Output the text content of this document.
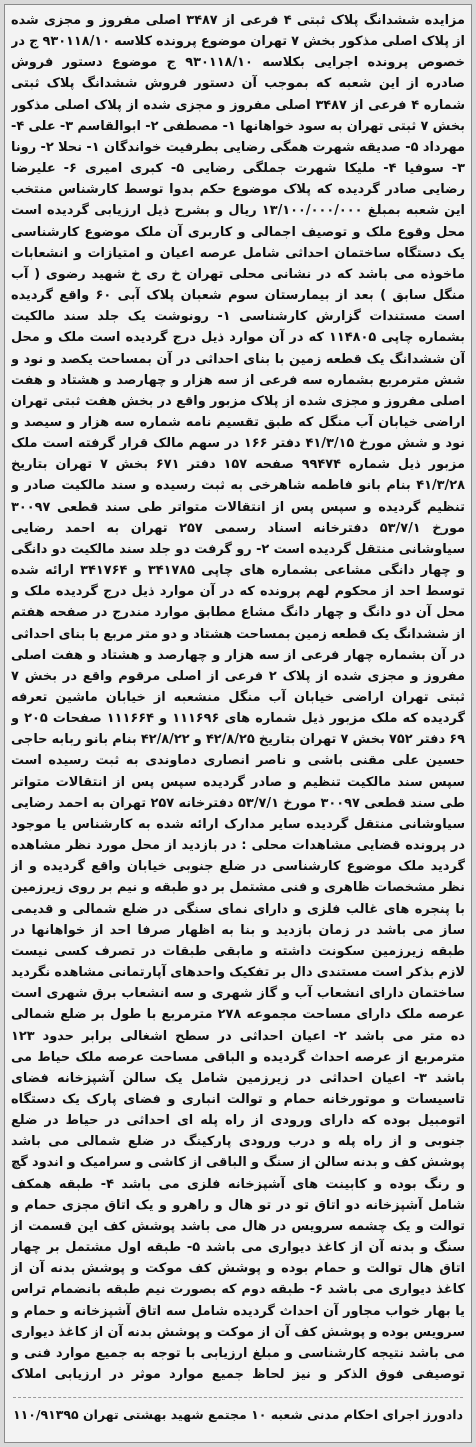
مزایده ششدانگ پلاک ثبتی ۴ فرعی از ۳۴۸۷ اصلی مفروز و مجزی شده از پلاک اصلی مذکور بخش ۷ تهران موضوع پرونده کلاسه ۹۳۰۱۱۸/۱۰ ج در خصوص پرونده اجرایی بکلاسه ۹۳۰۱۱۸/۱۰ ج موضوع دستور فروش صادره از این شعبه که بموجب آن دستور فروش ششدانگ پلاک ثبتی شماره ۴ فرعی از ۳۴۸۷ اصلی مفروز و مجزی شده از پلاک اصلی مذکور بخش ۷ ثبتی تهران به سود خواهانها ۱- مصطفی ۲- ابوالقاسم ۳- علی ۴- مهرداد ۵- صدیقه شهرت همگی رضایی بطرفیت خواندگان ۱- نحلا ۲- رونا ۳- سوفیا ۴- ملیکا شهرت جملگی رضایی ۵- کبری امیری ۶- علیرضا رضایی صادر گردیده که پلاک موضوع حکم بدوا توسط کارشناس منتخب این شعبه بمبلغ ۱۳/۱۰۰/۰۰۰/۰۰۰ ریال و بشرح ذیل ارزیابی گردیده است محل وقوع ملک و توصیف اجمالی و کاربری آن ملک موضوع کارشناسی یک دستگاه ساختمان احداثی شامل عرصه اعیان و امتیازات و انشعابات ماخوذه می باشد که در نشانی محلی تهران خ ری خ شهید رضوی ( آب منگل سابق ) بعد از بیمارستان سوم شعبان پلاک آبی ۶۰ واقع گردیده است مستندات گزارش کارشناسی ۱- رونوشت یک جلد سند مالکیت بشماره چاپی ۱۱۴۸۰۵ که در آن موارد ذیل درج گردیده است ملک و محل آن ششدانگ یک قطعه زمین با بنای احداثی در آن بمساحت یکصد و نود و شش مترمربع بشماره سه فرعی از سه هزار و چهارصد و هشتاد و هفت اصلی مفروز و مجزی شده از پلاک مزبور واقع در بخش هفت ثبتی تهران اراضی خیابان آب منگل که طبق تقسیم نامه شماره سه هزار و سیصد و نود و شش مورخ ۴۱/۳/۱۵ دفتر ۱۶۶ در سهم مالک قرار گرفته است ملک مزبور ذیل شماره ۹۹۴۷۴ صفحه ۱۵۷ دفتر ۶۷۱ بخش ۷ تهران بتاریخ ۴۱/۳/۲۸ بنام بانو فاطمه شاهرخی به ثبت رسیده و سند مالکیت صادر و تنظیم گردیده و سپس پس از انتقالات متواتر طی سند قطعی ۳۰۰۹۷ مورخ ۵۳/۷/۱ دفترخانه اسناد رسمی ۲۵۷ تهران به احمد رضایی سیاوشانی منتقل گردیده است ۲- رو گرفت دو جلد سند مالکیت دو دانگی و چهار دانگی مشاعی بشماره های چاپی ۳۴۱۷۸۵ و ۳۴۱۷۶۴ ارائه شده توسط احد از محکوم لهم پرونده که در آن موارد ذیل درج گردیده ملک و محل آن دو دانگ و چهار دانگ مشاع مطابق موارد مندرج در صفحه هفتم از ششدانگ یک قطعه زمین بمساحت هشتاد و دو متر مربع با بنای احداثی در آن بشماره چهار فرعی از سه هزار و چهارصد و هشتاد و هفت اصلی مفروز و مجزی شده از پلاک ۲ فرعی از اصلی مرقوم واقع در بخش ۷ ثبتی تهران اراضی خیابان آب منگل منشعبه از خیابان ماشین تعرفه گردیده که ملک مزبور ذیل شماره های ۱۱۱۶۹۶ و ۱۱۱۶۶۴ صفحات ۲۰۵ و ۶۹ دفتر ۷۵۲ بخش ۷ تهران بتاریخ ۴۲/۸/۲۵ و ۴۲/۸/۲۲ بنام بانو ربابه حاجی حسین علی مقنی باشی و ناصر انصاری دماوندی به ثبت رسیده است سپس سند مالکیت تنظیم و صادر گردیده سپس پس از انتقالات متواتر طی سند قطعی ۳۰۰۹۷ مورخ ۵۳/۷/۱ دفترخانه ۲۵۷ تهران به احمد رضایی سیاوشانی منتقل گردیده سایر مدارک ارائه شده به کارشناس یا موجود در پرونده قضایی مشاهدات محلی : در بازدید از محل مورد نظر مشاهده گردید ملک موضوع کارشناسی در ضلع جنوبی خیابان واقع گردیده و از نظر مشخصات ظاهری و فنی مشتمل بر دو طبقه و نیم بر روی زیرزمین با پنجره های غالب فلزی و دارای نمای سنگی در ضلع شمالی و قدیمی ساز می باشد در زمان بازدید و بنا به اظهار صرفا احد از خواهانها در طبقه زیرزمین سکونت داشته و مابقی طبقات در تصرف کسی نیست لازم بذکر است مستندی دال بر تفکیک واحدهای آپارتمانی مشاهده نگردید ساختمان دارای انشعاب آب و گاز شهری و سه انشعاب برق شهری است عرصه ملک دارای مساحت مجموعه ۲۷۸ مترمربع با طول بر ضلع شمالی ده متر می باشد ۲- اعیان احداثی در سطح اشغالی برابر حدود ۱۲۳ مترمربع از عرصه احداث گردیده و الباقی مساحت عرصه ملک حیاط می باشد ۳- اعیان احداثی در زیرزمین شامل یک سالن آشپزخانه فضای تاسیسات و موتورخانه حمام و توالت انباری و فضای پارک یک دستگاه اتومبیل بوده که دارای ورودی از راه پله ای احداثی در حیاط در ضلع جنوبی و از راه پله و درب ورودی پارکینگ در ضلع شمالی می باشد پوشش کف و بدنه سالن از سنگ و الباقی از کاشی و سرامیک و اندود گچ و رنگ بوده و کابینت های آشپزخانه فلزی می باشد ۴- طبقه همکف شامل آشپزخانه دو اتاق تو در تو هال و راهرو و یک اتاق مجزی حمام و توالت و یک چشمه سرویس در هال می باشد پوشش کف این قسمت از سنگ و بدنه آن از کاغذ دیواری می باشد ۵- طبقه اول مشتمل بر چهار اتاق هال توالت و حمام بوده و پوشش کف موکت و پوشش بدنه آن از کاغذ دیواری می باشد ۶- طبقه دوم که بصورت نیم طبقه بانضمام تراس یا بهار خواب مجاور آن احداث گردیده شامل سه اتاق آشپزخانه و حمام و سرویس بوده و پوشش کف آن از موکت و پوشش بدنه آن از کاغذ دیواری می باشد نتیجه کارشناسی و مبلغ ارزیابی با توجه به جمیع موارد فنی و توصیفی فوق الذکر و نیز لحاظ جمیع موارد موثر در ارزیابی املاک
دادورز اجرای احکام مدنی شعبه ۱۰ مجتمع شهید بهشتی تهران
۱۱۰/۹۱۳۹۵
